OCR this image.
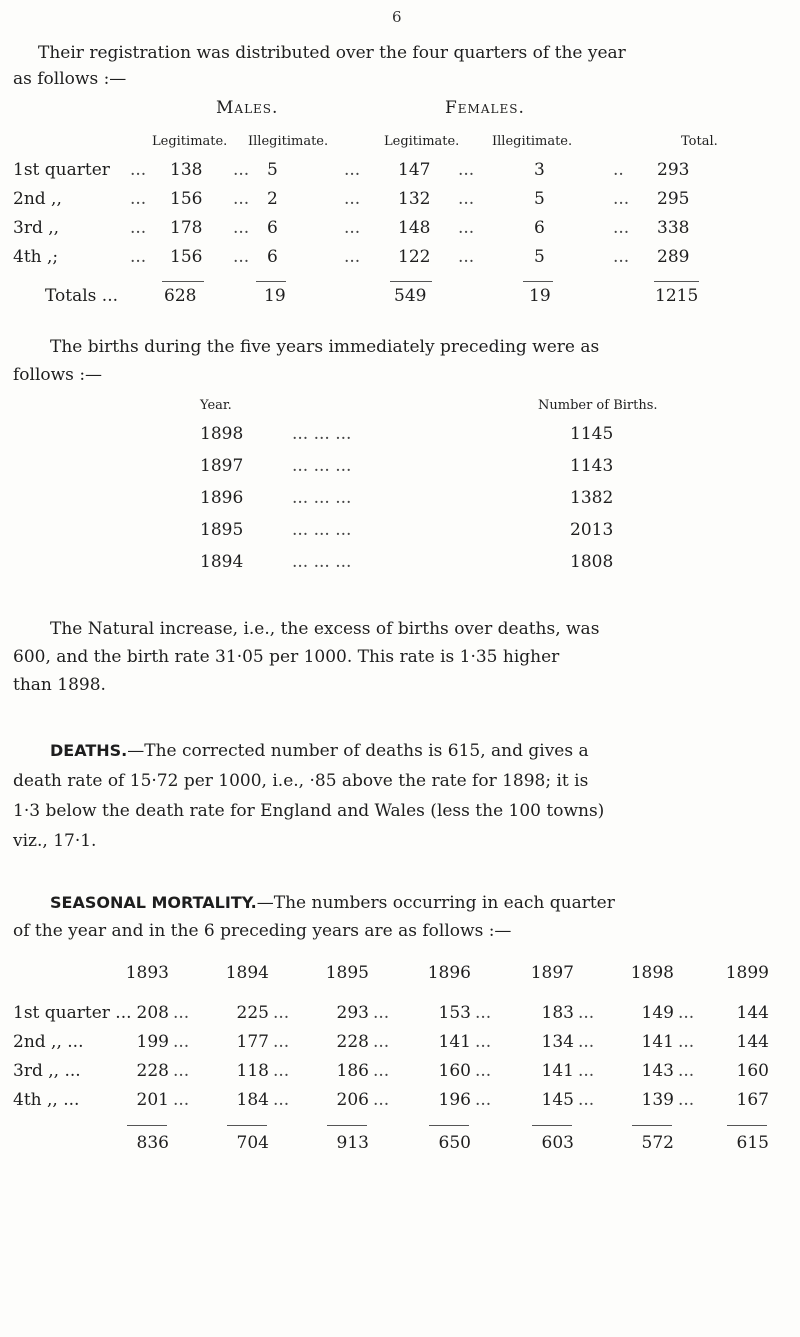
6
Their registration was distributed over the four quarters of the year
as follows :—
Males.	Females.
Legitimate. Illegitimate.	Legitimate.	Illegitimate.	Total.
1st quarter ... 138 ... 5	... 147 ...	3	.. 293
2nd ,,	... 156 ... 2	... 132 ...	5	... 295
3rd ,,	... 178 ... 6	... 148 ...	6	... 338
4th ,;	... 156 ... 6	... 122 ...	5	... 289
Totals ...	628	19	549	19	1215
The births during the five years immediately preceding were as
follows :—
Year.	Number of Births.
1898	... ... ...	1145
1897	... ... ...	1143
1896	... ... ...	1382
1895	... ... ...	2013
1894	... ... ...	1808
The Natural increase, i.e., the excess of births over deaths, was
600, and the birth rate 31·05 per 1000. This rate is 1·35 higher
than 1898.
DEATHS.—The corrected number of deaths is 615, and gives a
death rate of 15·72 per 1000, i.e., ·85 above the rate for 1898; it is
1·3 below the death rate for England and Wales (less the 100 towns)
viz., 17·1.
SEASONAL MORTALITY.—The numbers occurring in each quarter
of the year and in the 6 preceding years are as follows :—
1893	1894	1895	1896	1897	1898	1899
1st quarter ... 208 ...	225 ...	293 ...	153 ...	183 ...	149 ...	144
2nd ,, ...	199 ...	177 ...	228 ...	141 ...	134 ...	141 ...	144
3rd ,, ...	228 ...	118 ...	186 ...	160 ...	141 ...	143 ...	160
4th ,, ...	201 ...	184 ...	206 ...	196 ...	145 ...	139 ...	167
836	704	913	650	603	572	615
